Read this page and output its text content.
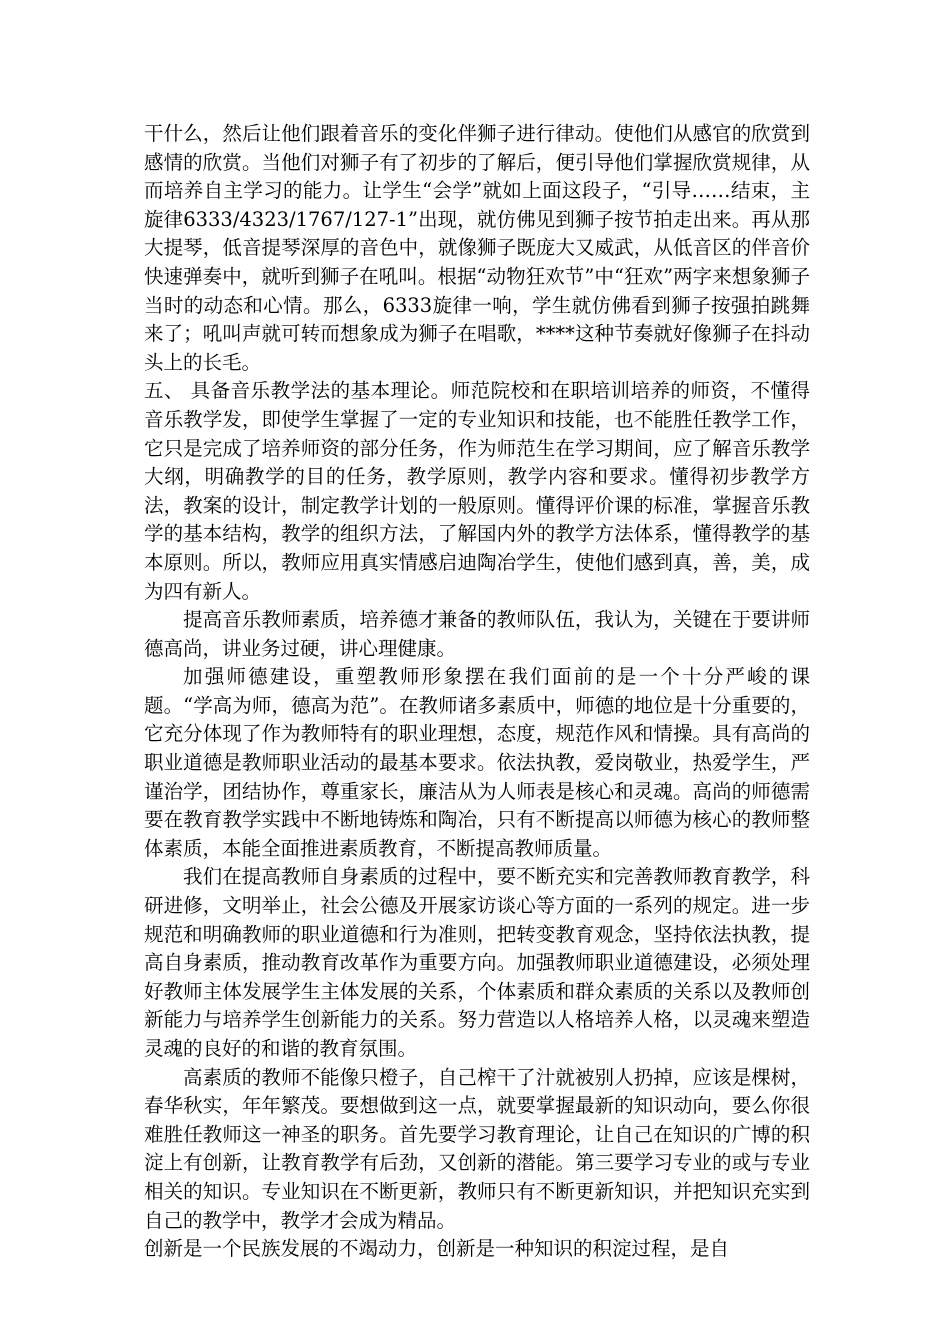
干什么，然后让他们跟着音乐的变化伴狮子进行律动。使他们从感官的欣赏到感情的欣赏。当他们对狮子有了初步的了解后，便引导他们掌握欣赏规律，从而培养自主学习的能力。让学生“会学”就如上面这段子，“引导……结束，主旋律6333/4323/1767/127-1”出现，就仿佛见到狮子按节拍走出来。再从那大提琴，低音提琴深厚的音色中，就像狮子既庞大又威武，从低音区的伴音价快速弹奏中，就听到狮子在吼叫。根据“动物狂欢节”中“狂欢”两字来想象狮子当时的动态和心情。那么，6333旋律一响，学生就仿佛看到狮子按强拍跳舞来了；吼叫声就可转而想象成为狮子在唱歌，****这种节奏就好像狮子在抖动头上的长毛。

五、 具备音乐教学法的基本理论。师范院校和在职培训培养的师资，不懂得音乐教学发，即使学生掌握了一定的专业知识和技能，也不能胜任教学工作，它只是完成了培养师资的部分任务，作为师范生在学习期间，应了解音乐教学大纲，明确教学的目的任务，教学原则，教学内容和要求。懂得初步教学方法，教案的设计，制定教学计划的一般原则。懂得评价课的标准，掌握音乐教学的基本结构，教学的组织方法，了解国内外的教学方法体系，懂得教学的基本原则。所以，教师应用真实情感启迪陶冶学生，使他们感到真，善，美，成为四有新人。

提高音乐教师素质，培养德才兼备的教师队伍，我认为，关键在于要讲师德高尚，讲业务过硬，讲心理健康。

加强师德建设，重塑教师形象摆在我们面前的是一个十分严峻的课题。“学高为师，德高为范”。在教师诸多素质中，师德的地位是十分重要的，它充分体现了作为教师特有的职业理想，态度，规范作风和情操。具有高尚的职业道德是教师职业活动的最基本要求。依法执教，爱岗敬业，热爱学生，严谨治学，团结协作，尊重家长，廉洁从为人师表是核心和灵魂。高尚的师德需要在教育教学实践中不断地铸炼和陶冶，只有不断提高以师德为核心的教师整体素质，本能全面推进素质教育，不断提高教师质量。

我们在提高教师自身素质的过程中，要不断充实和完善教师教育教学，科研进修，文明举止，社会公德及开展家访谈心等方面的一系列的规定。进一步规范和明确教师的职业道德和行为准则，把转变教育观念，坚持依法执教，提高自身素质，推动教育改革作为重要方向。加强教师职业道德建设，必须处理好教师主体发展学生主体发展的关系，个体素质和群众素质的关系以及教师创新能力与培养学生创新能力的关系。努力营造以人格培养人格，以灵魂来塑造灵魂的良好的和谐的教育氛围。

高素质的教师不能像只橙子，自己榨干了汁就被别人扔掉，应该是棵树，春华秋实，年年繁茂。要想做到这一点，就要掌握最新的知识动向，要么你很难胜任教师这一神圣的职务。首先要学习教育理论，让自己在知识的广博的积淀上有创新，让教育教学有后劲，又创新的潜能。第三要学习专业的或与专业相关的知识。专业知识在不断更新，教师只有不断更新知识，并把知识充实到自己的教学中，教学才会成为精品。

创新是一个民族发展的不竭动力，创新是一种知识的积淀过程，是自
